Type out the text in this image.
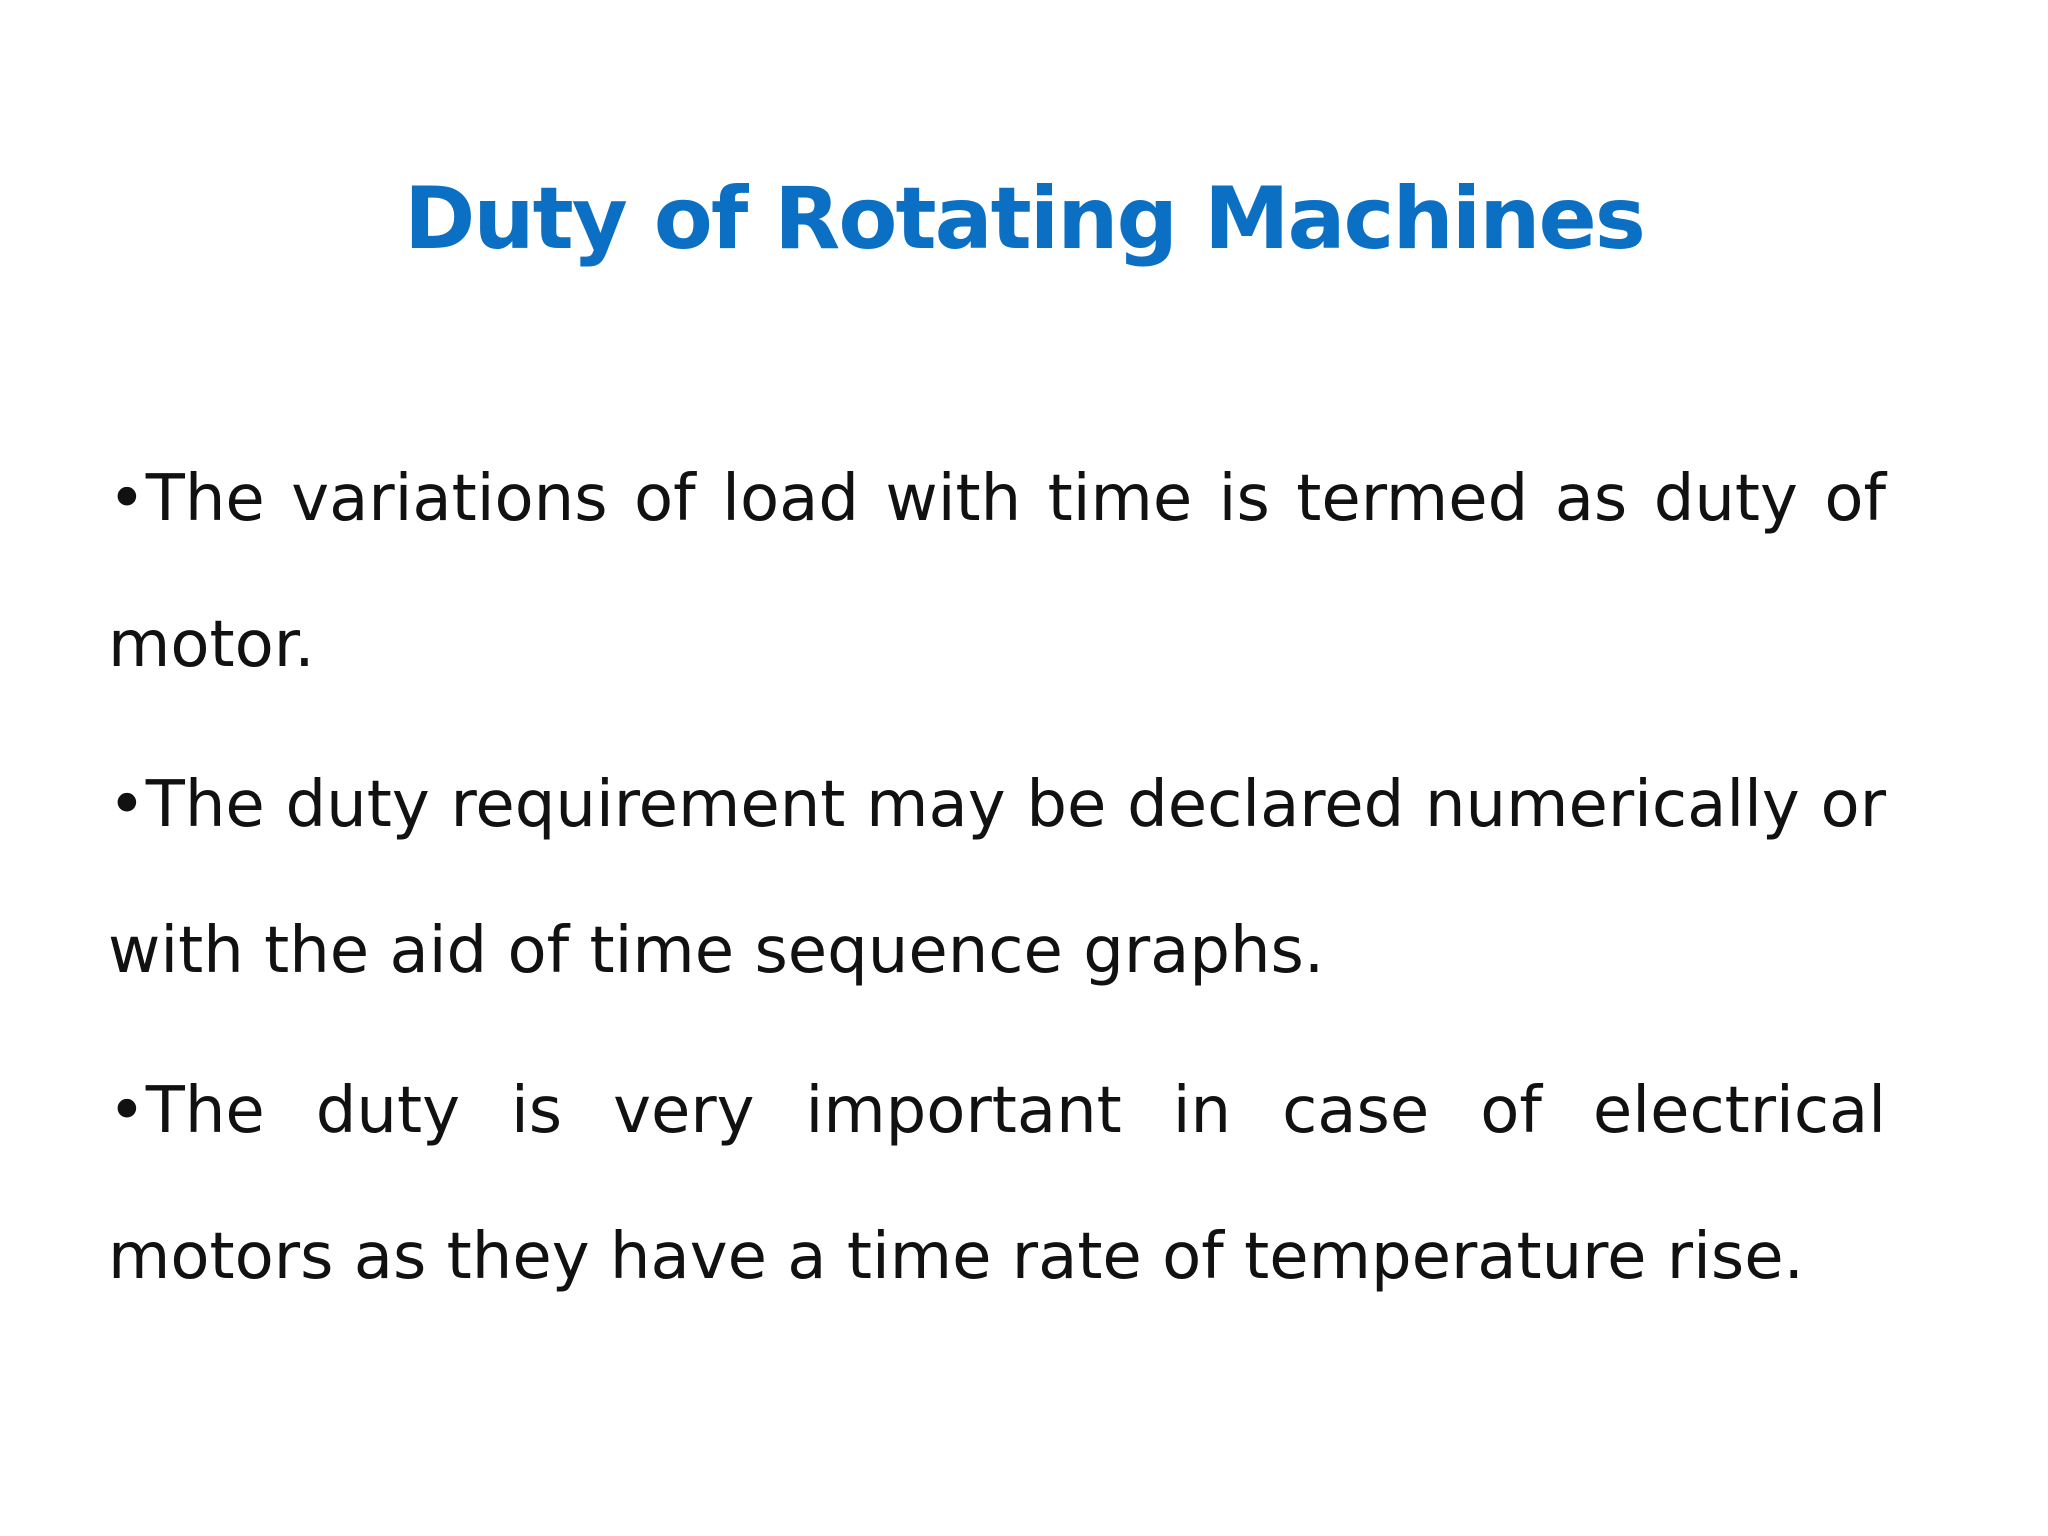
Duty of Rotating Machines
•The variations of load with time is termed as duty of motor.
•The duty requirement may be declared numerically or with the aid of time sequence graphs.
•The duty is very important in case of electrical motors as they have a time rate of temperature rise.
